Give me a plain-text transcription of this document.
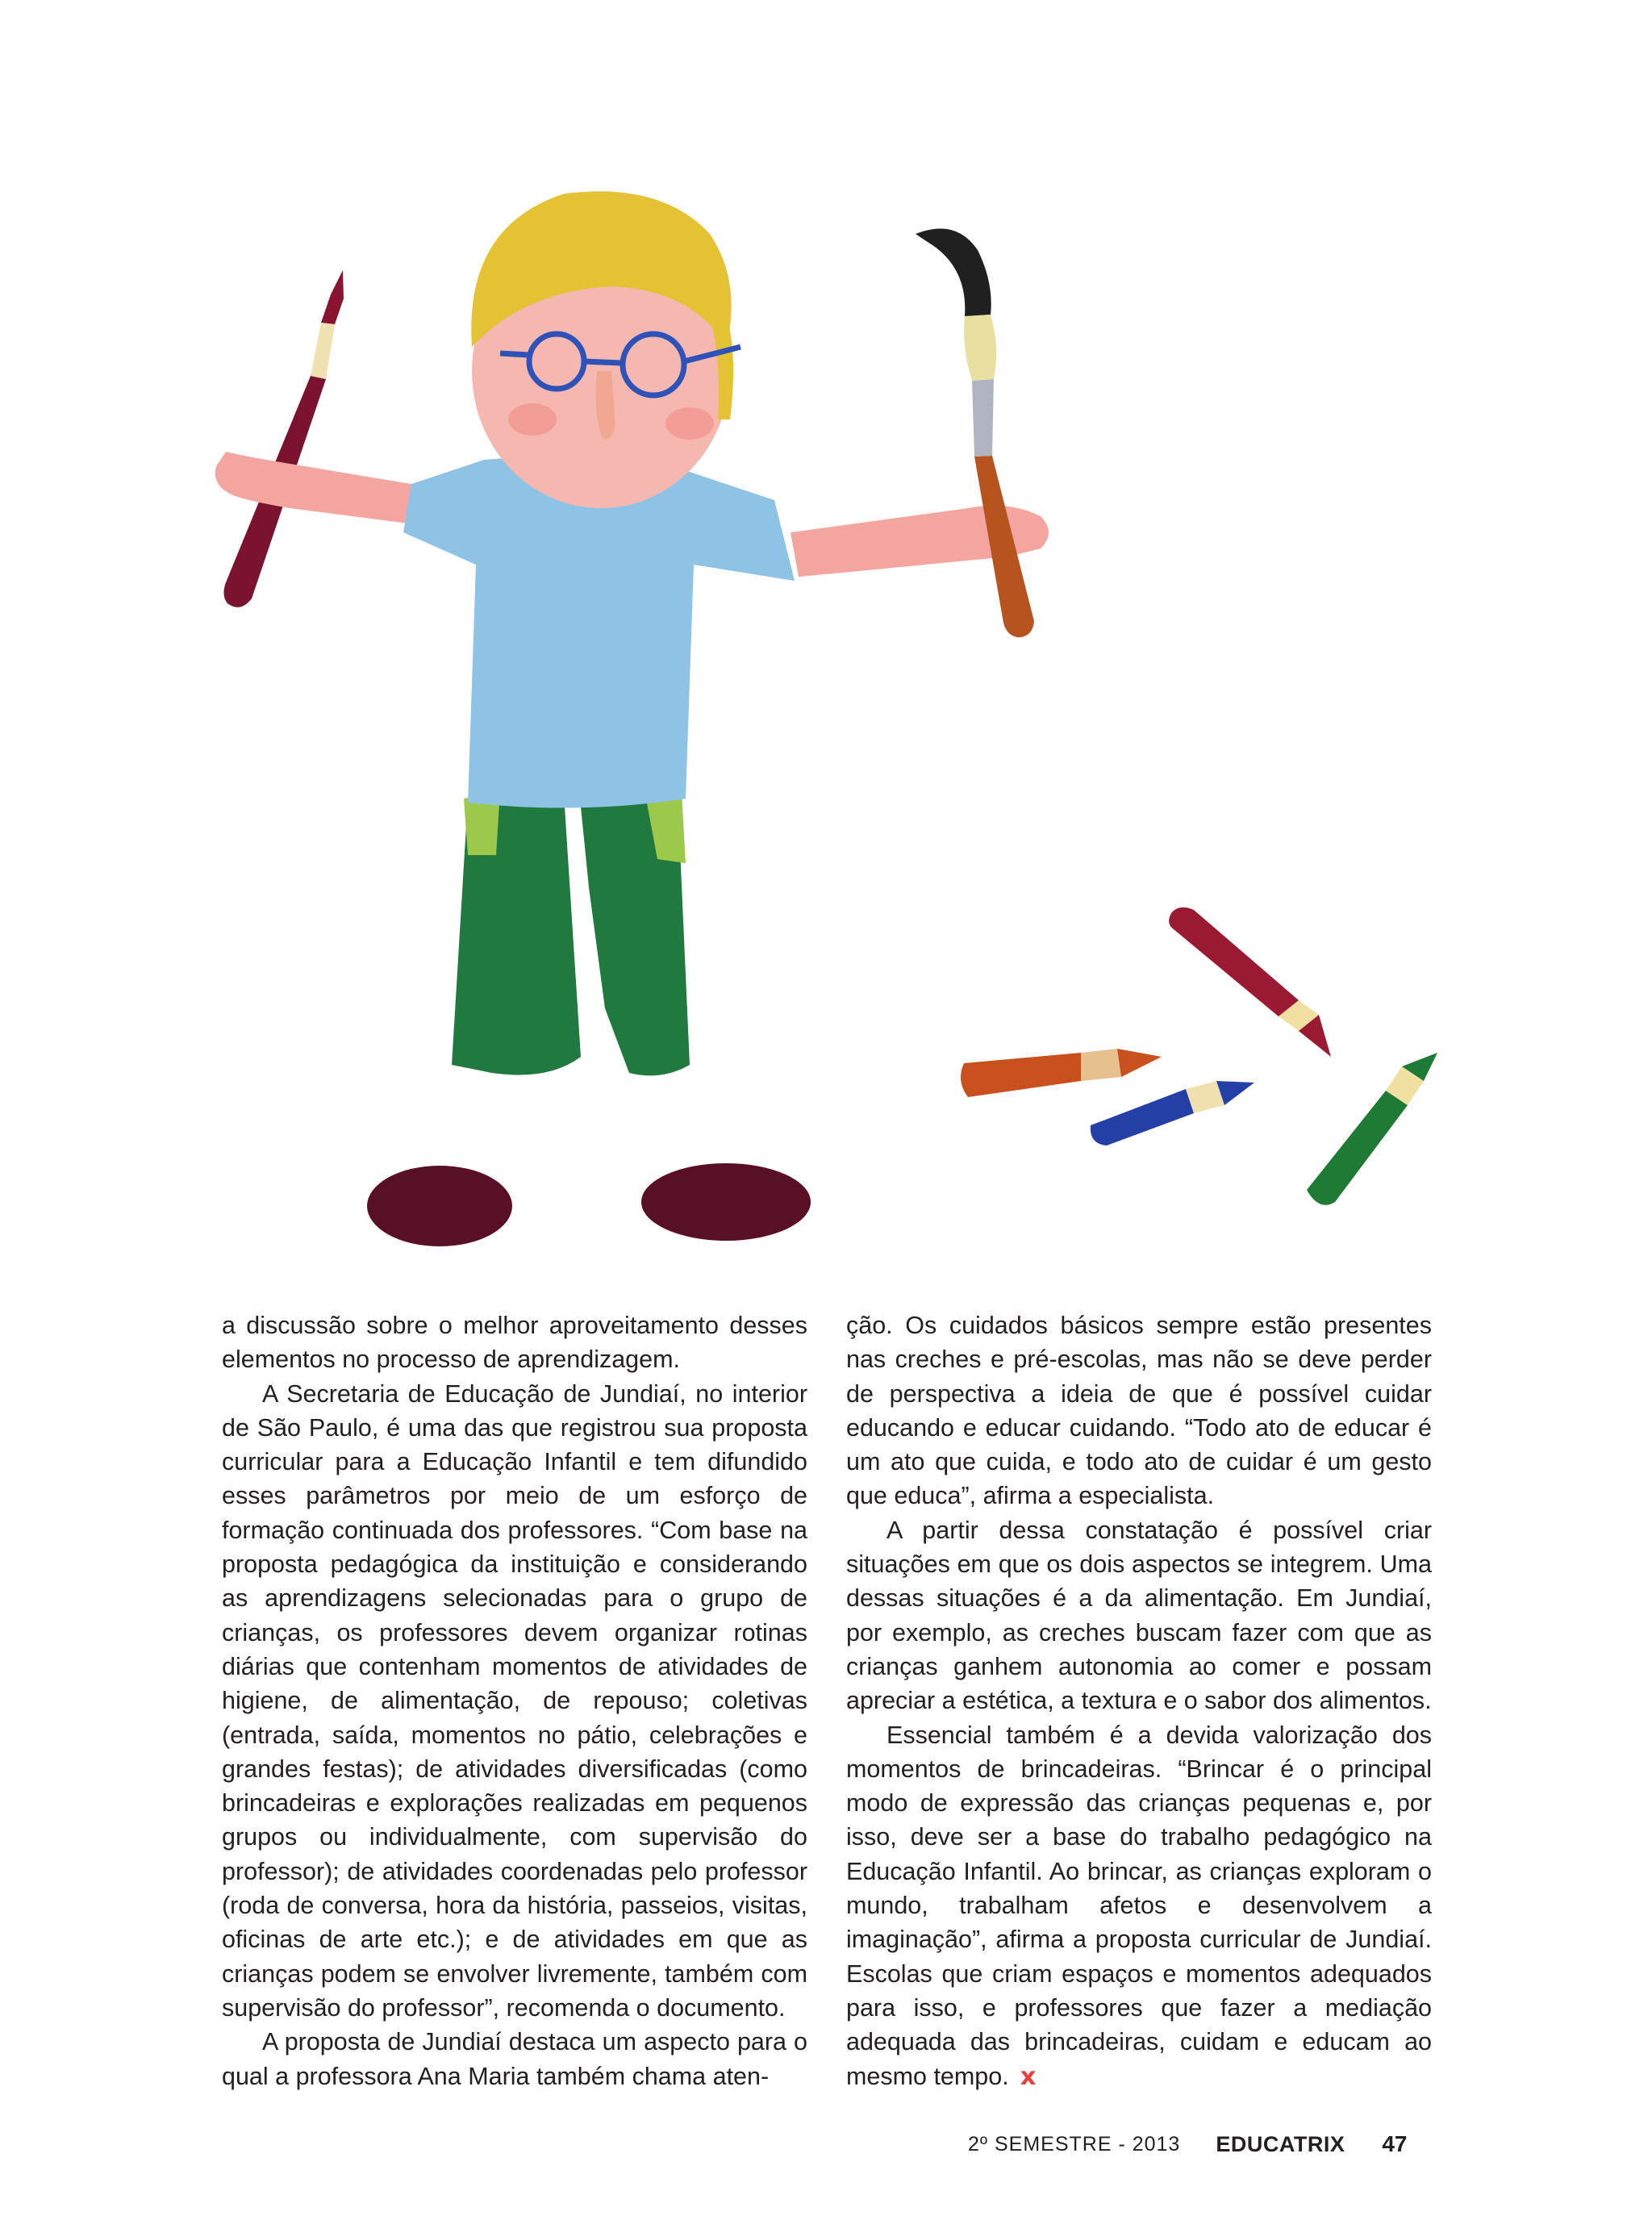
a discussão sobre o melhor aproveitamento desses elementos no processo de aprendizagem.

A Secretaria de Educação de Jundiaí, no interior de São Paulo, é uma das que registrou sua proposta curricular para a Educação Infantil e tem difundido esses parâmetros por meio de um esforço de formação continuada dos professores. “Com base na proposta pedagógica da instituição e considerando as aprendizagens selecionadas para o grupo de crianças, os professores devem organizar rotinas diárias que contenham momentos de atividades de higiene, de alimentação, de repouso; coletivas (entrada, saída, momentos no pátio, celebrações e grandes festas); de atividades diversificadas (como brincadeiras e explorações realizadas em pequenos grupos ou individualmente, com supervisão do professor); de atividades coordenadas pelo professor (roda de conversa, hora da história, passeios, visitas, oficinas de arte etc.); e de atividades em que as crianças podem se envolver livremente, também com supervisão do professor”, recomenda o documento.

A proposta de Jundiaí destaca um aspecto para o qual a professora Ana Maria também chama aten-

ção. Os cuidados básicos sempre estão presentes nas creches e pré-escolas, mas não se deve perder de perspectiva a ideia de que é possível cuidar educando e educar cuidando. “Todo ato de educar é um ato que cuida, e todo ato de cuidar é um gesto que educa”, afirma a especialista.

A partir dessa constatação é possível criar situações em que os dois aspectos se integrem. Uma dessas situações é a da alimentação. Em Jundiaí, por exemplo, as creches buscam fazer com que as crianças ganhem autonomia ao comer e possam apreciar a estética, a textura e o sabor dos alimentos.

Essencial também é a devida valorização dos momentos de brincadeiras. “Brincar é o principal modo de expressão das crianças pequenas e, por isso, deve ser a base do trabalho pedagógico na Educação Infantil. Ao brincar, as crianças exploram o mundo, trabalham afetos e desenvolvem a imaginação”, afirma a proposta curricular de Jundiaí. Escolas que criam espaços e momentos adequados para isso, e professores que fazer a mediação adequada das brincadeiras, cuidam e educam ao mesmo tempo. x

2º SEMESTRE - 2013 EDUCATRIX 47
